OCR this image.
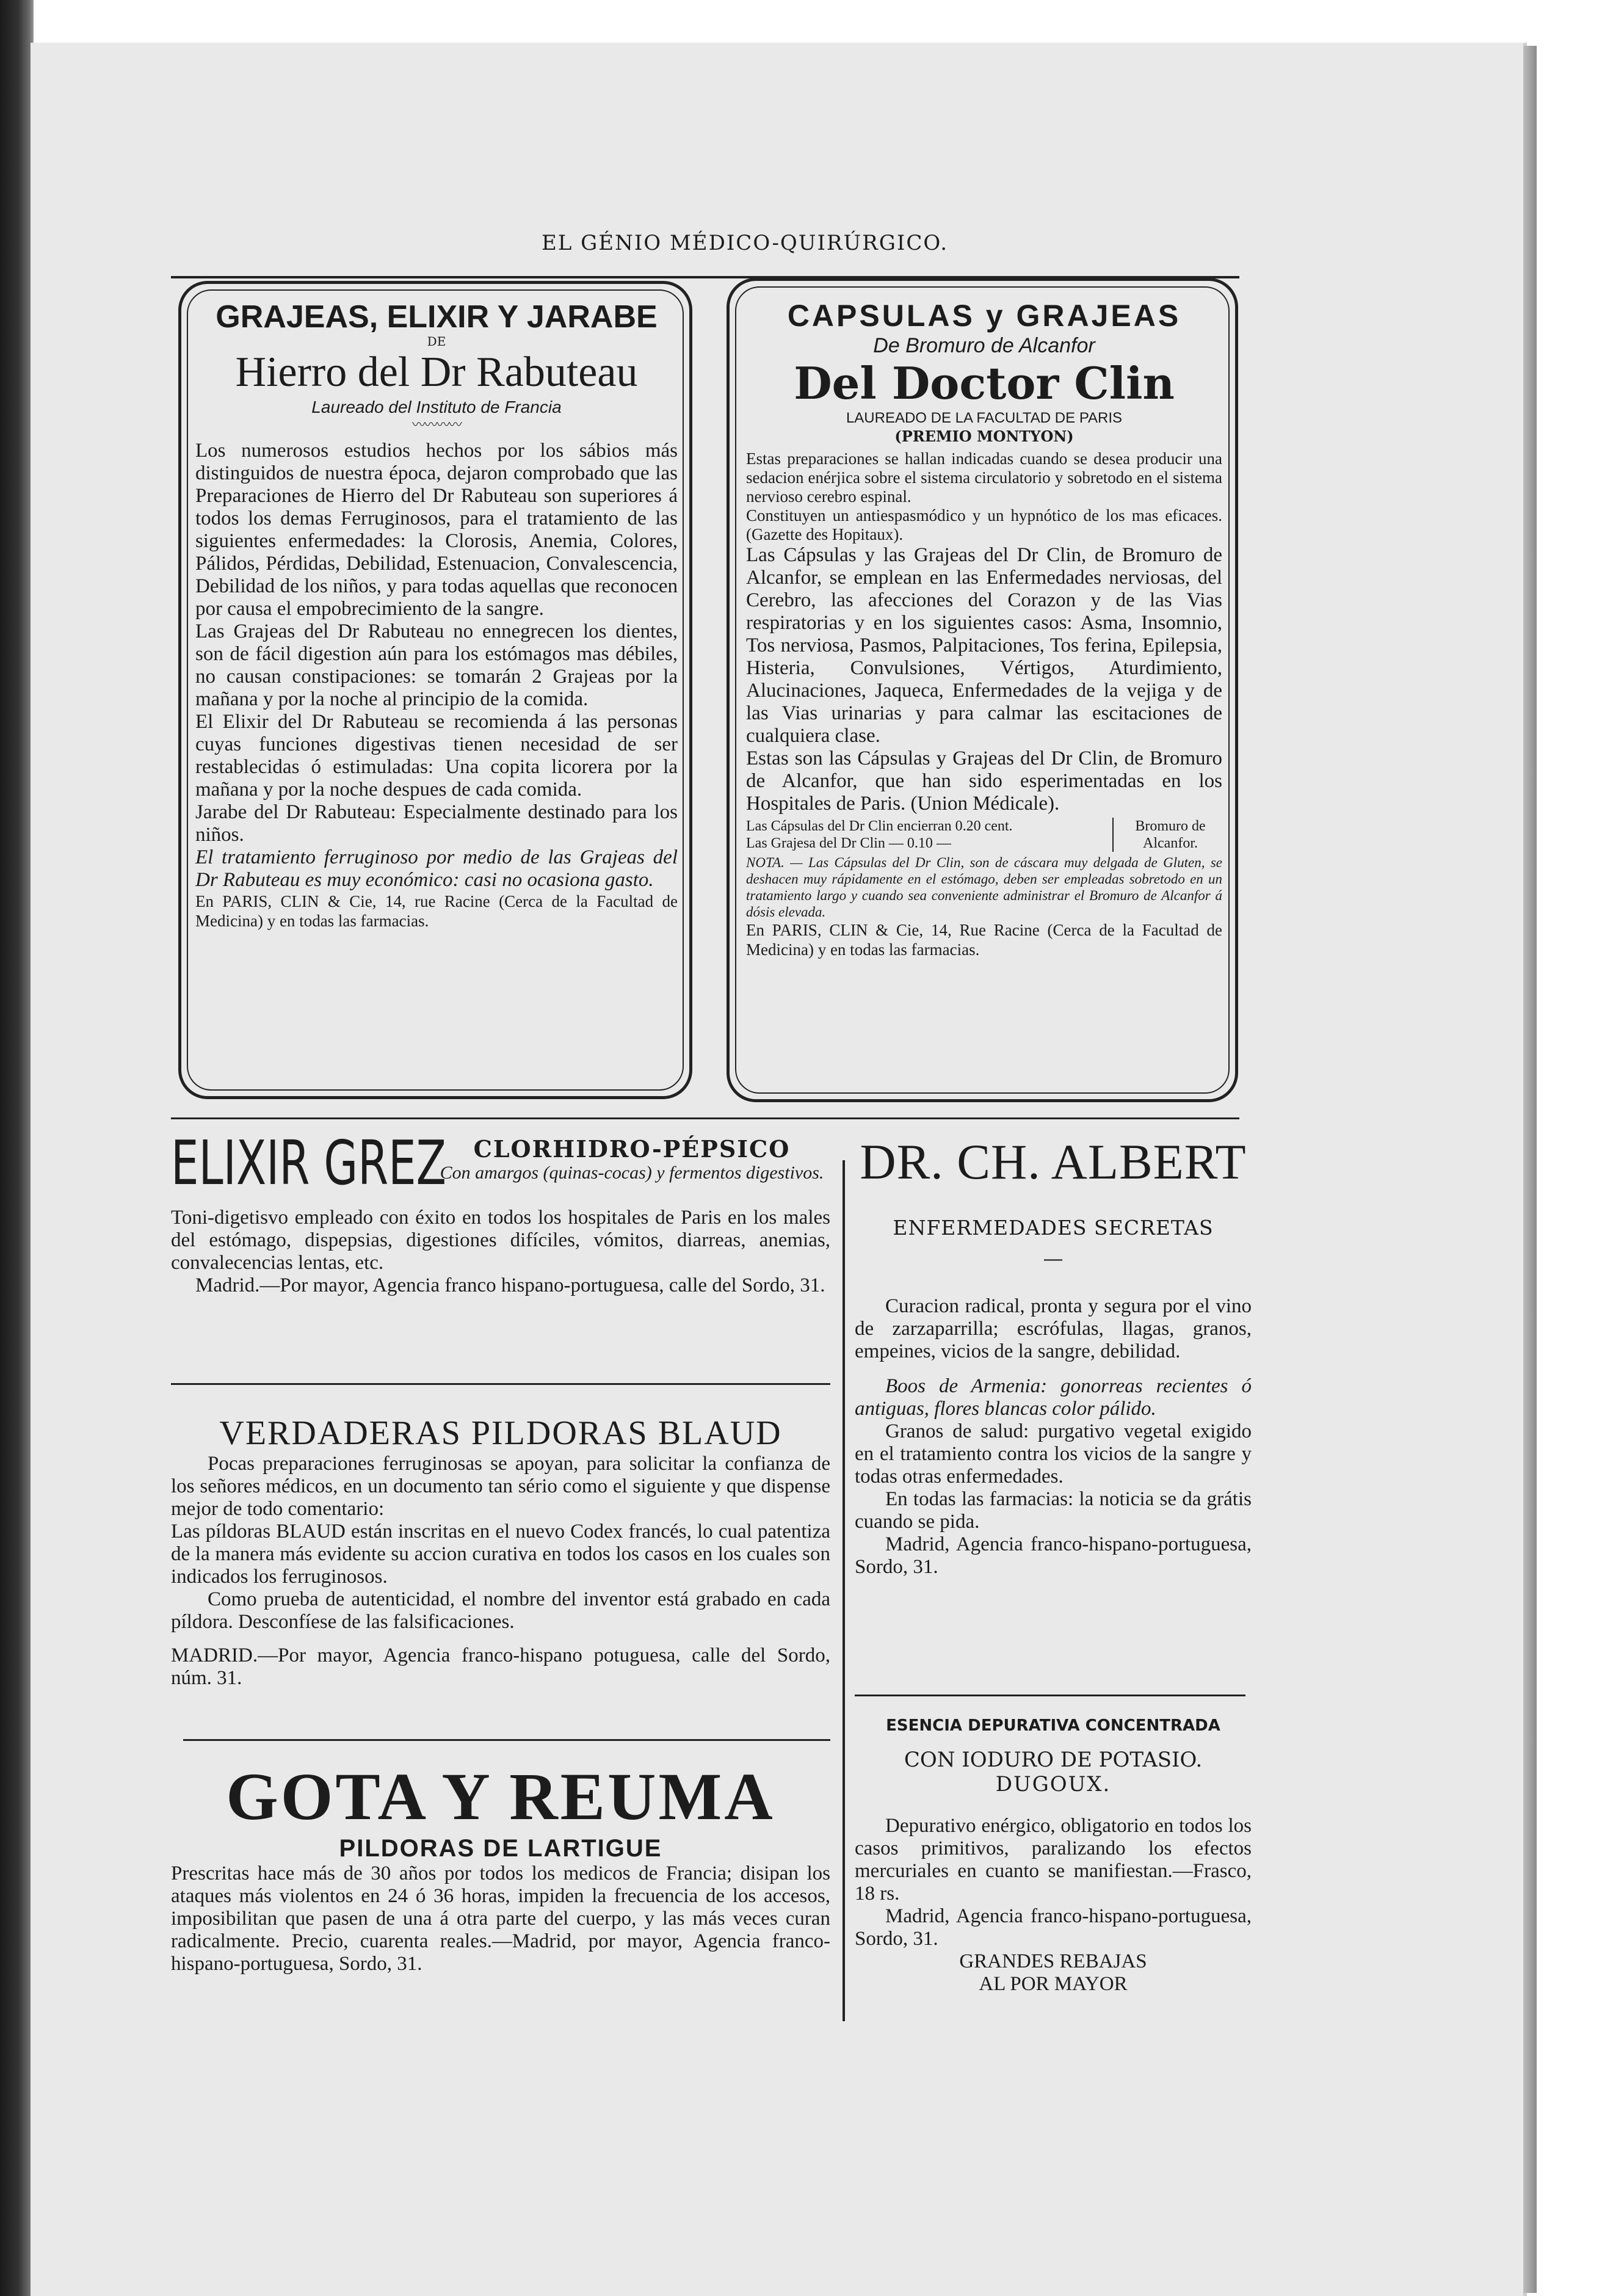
EL GÉNIO MÉDICO-QUIRÚRGICO.
GRAJEAS, ELIXIR Y JARABE
DE
Hierro del Dr Rabuteau
Laureado del Instituto de Francia
〰〰〰〰
Los numerosos estudios hechos por los sábios más distinguidos de nuestra época, dejaron comprobado que las Preparaciones de Hierro del Dr Rabuteau son superiores á todos los demas Ferruginosos, para el tratamiento de las siguientes enfermedades: la Clorosis, Anemia, Colores, Pálidos, Pérdidas, Debilidad, Estenuacion, Convalescencia, Debilidad de los niños, y para todas aquellas que reconocen por causa el empobrecimiento de la sangre.
Las Grajeas del Dr Rabuteau no ennegrecen los dientes, son de fácil digestion aún para los estómagos mas débiles, no causan constipaciones: se tomarán 2 Grajeas por la mañana y por la noche al principio de la comida.
El Elixir del Dr Rabuteau se recomienda á las personas cuyas funciones digestivas tienen necesidad de ser restablecidas ó estimuladas: Una copita licorera por la mañana y por la noche despues de cada comida.
Jarabe del Dr Rabuteau: Especialmente destinado para los niños.
El tratamiento ferruginoso por medio de las Grajeas del Dr Rabuteau es muy económico: casi no ocasiona gasto.
En PARIS, CLIN & Cie, 14, rue Racine (Cerca de la Facultad de Medicina) y en todas las farmacias.
CAPSULAS y GRAJEAS
De Bromuro de Alcanfor
Del Doctor Clin
LAUREADO DE LA FACULTAD DE PARIS
(PREMIO MONTYON)
Estas preparaciones se hallan indicadas cuando se desea producir una sedacion enérjica sobre el sistema circulatorio y sobretodo en el sistema nervioso cerebro espinal.
Constituyen un antiespasmódico y un hypnótico de los mas eficaces. (Gazette des Hopitaux).
Las Cápsulas y las Grajeas del Dr Clin, de Bromuro de Alcanfor, se emplean en las Enfermedades nerviosas, del Cerebro, las afecciones del Corazon y de las Vias respiratorias y en los siguientes casos: Asma, Insomnio, Tos nerviosa, Pasmos, Palpitaciones, Tos ferina, Epilepsia, Histeria, Convulsiones, Vértigos, Aturdimiento, Alucinaciones, Jaqueca, Enfermedades de la vejiga y de las Vias urinarias y para calmar las escitaciones de cualquiera clase.
Estas son las Cápsulas y Grajeas del Dr Clin, de Bromuro de Alcanfor, que han sido esperimentadas en los Hospitales de Paris. (Union Médicale).
Las Cápsulas del Dr Clin encierran 0.20 cent.
Las Grajesa del Dr Clin — 0.10 —
Bromuro de Alcanfor.
NOTA. — Las Cápsulas del Dr Clin, son de cáscara muy delgada de Gluten, se deshacen muy rápidamente en el estómago, deben ser empleadas sobretodo en un tratamiento largo y cuando sea conveniente administrar el Bromuro de Alcanfor á dósis elevada.
En PARIS, CLIN & Cie, 14, Rue Racine (Cerca de la Facultad de Medicina) y en todas las farmacias.
ELIXIR GREZ	CLORHIDRO-PÉPSICO
Con amargos (quinas-cocas) y fermentos digestivos.
Toni-digetisvo empleado con éxito en todos los hospitales de Paris en los males del estómago, dispepsias, digestiones difíciles, vómitos, diarreas, anemias, convalecencias lentas, etc.
Madrid.—Por mayor, Agencia franco hispano-portuguesa, calle del Sordo, 31.
VERDADERAS PILDORAS BLAUD
Pocas preparaciones ferruginosas se apoyan, para solicitar la confianza de los señores médicos, en un documento tan sério como el siguiente y que dispense mejor de todo comentario:
Las píldoras BLAUD están inscritas en el nuevo Codex francés, lo cual patentiza de la manera más evidente su accion curativa en todos los casos en los cuales son indicados los ferruginosos.
Como prueba de autenticidad, el nombre del inventor está grabado en cada píldora. Desconfíese de las falsificaciones.
MADRID.—Por mayor, Agencia franco-hispano potuguesa, calle del Sordo, núm. 31.
GOTA Y REUMA
PILDORAS DE LARTIGUE
Prescritas hace más de 30 años por todos los medicos de Francia; disipan los ataques más violentos en 24 ó 36 horas, impiden la frecuencia de los accesos, imposibilitan que pasen de una á otra parte del cuerpo, y las más veces curan radicalmente. Precio, cuarenta reales.—Madrid, por mayor, Agencia franco-hispano-portuguesa, Sordo, 31.
DR. CH. ALBERT
ENFERMEDADES SECRETAS
—
Curacion radical, pronta y segura por el vino de zarzaparrilla; escrófulas, llagas, granos, empeines, vicios de la sangre, debilidad.
Boos de Armenia: gonorreas recientes ó antiguas, flores blancas color pálido.
Granos de salud: purgativo vegetal exigido en el tratamiento contra los vicios de la sangre y todas otras enfermedades.
En todas las farmacias: la noticia se da grátis cuando se pida.
Madrid, Agencia franco-hispano-portuguesa, Sordo, 31.
ESENCIA DEPURATIVA CONCENTRADA
CON IODURO DE POTASIO.
DUGOUX.
Depurativo enérgico, obligatorio en todos los casos primitivos, paralizando los efectos mercuriales en cuanto se manifiestan.—Frasco, 18 rs.
Madrid, Agencia franco-hispano-portuguesa, Sordo, 31.
GRANDES REBAJAS
AL POR MAYOR
